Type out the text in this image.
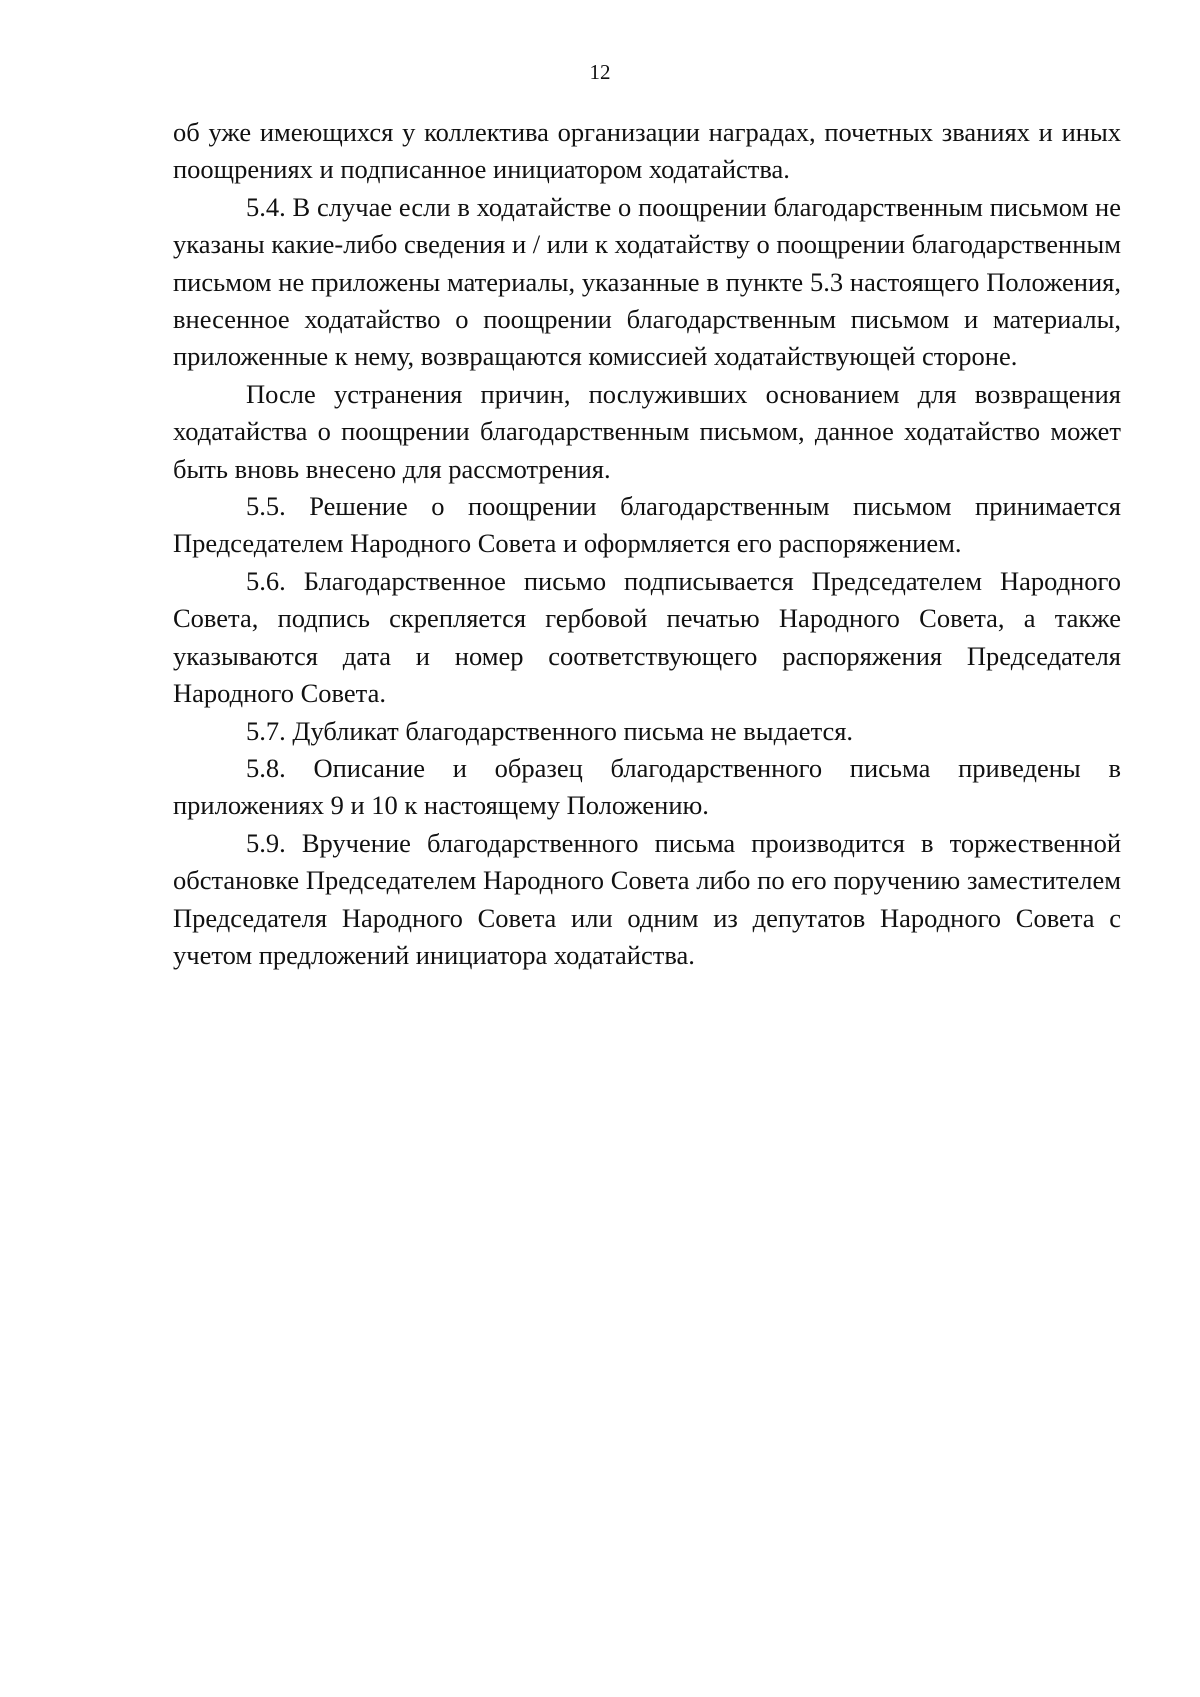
12

об уже имеющихся у коллектива организации наградах, почетных званиях и иных поощрениях и подписанное инициатором ходатайства.

5.4. В случае если в ходатайстве о поощрении благодарственным письмом не указаны какие-либо сведения и / или к ходатайству о поощрении благодарственным письмом не приложены материалы, указанные в пункте 5.3 настоящего Положения, внесенное ходатайство о поощрении благодарственным письмом и материалы, приложенные к нему, возвращаются комиссией ходатайствующей стороне.

После устранения причин, послуживших основанием для возвращения ходатайства о поощрении благодарственным письмом, данное ходатайство может быть вновь внесено для рассмотрения.

5.5. Решение о поощрении благодарственным письмом принимается Председателем Народного Совета и оформляется его распоряжением.

5.6. Благодарственное письмо подписывается Председателем Народного Совета, подпись скрепляется гербовой печатью Народного Совета, а также указываются дата и номер соответствующего распоряжения Председателя Народного Совета.

5.7. Дубликат благодарственного письма не выдается.

5.8. Описание и образец благодарственного письма приведены в приложениях 9 и 10 к настоящему Положению.

5.9. Вручение благодарственного письма производится в торжественной обстановке Председателем Народного Совета либо по его поручению заместителем Председателя Народного Совета или одним из депутатов Народного Совета с учетом предложений инициатора ходатайства.
